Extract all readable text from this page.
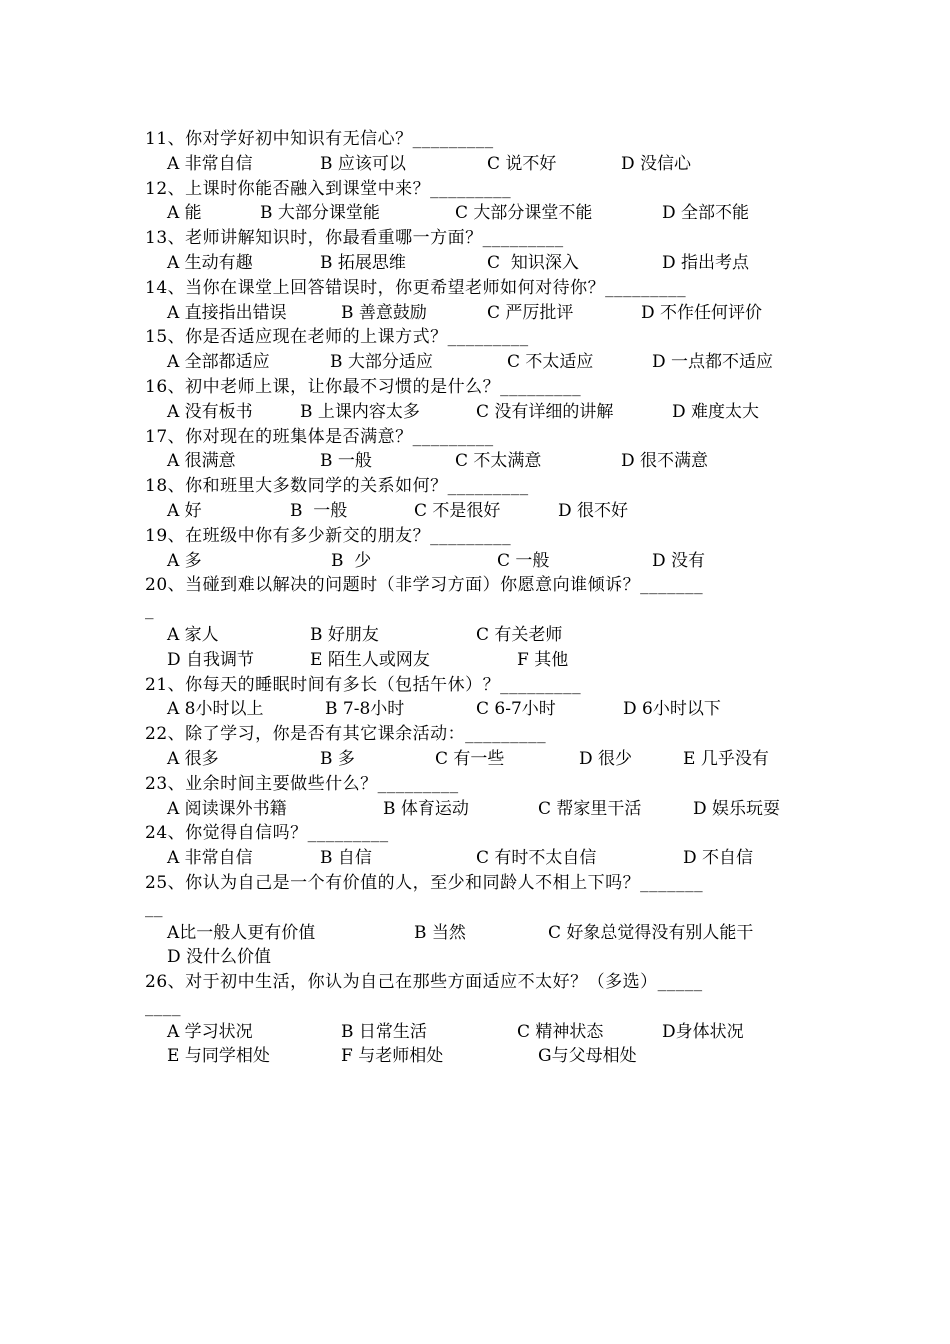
11、你对学好初中知识有无信心？_________
A 非常自信	B 应该可以	C 说不好	D 没信心
12、上课时你能否融入到课堂中来？_________
A 能	B 大部分课堂能	C 大部分课堂不能	D 全部不能
13、老师讲解知识时，你最看重哪一方面？_________
A 生动有趣	B 拓展思维	C  知识深入	D 指出考点
14、当你在课堂上回答错误时，你更希望老师如何对待你？_________
A 直接指出错误	B 善意鼓励	C 严厉批评	D 不作任何评价
15、你是否适应现在老师的上课方式？_________
A 全部都适应	B 大部分适应	C 不太适应	D 一点都不适应
16、初中老师上课，让你最不习惯的是什么？_________
A 没有板书	B 上课内容太多	C 没有详细的讲解	D 难度太大
17、你对现在的班集体是否满意？_________
A 很满意	B 一般	C 不太满意	D 很不满意
18、你和班里大多数同学的关系如何？_________
A 好	B  一般	C 不是很好	D 很不好
19、在班级中你有多少新交的朋友？_________
A 多	B  少	C 一般	D 没有
20、当碰到难以解决的问题时（非学习方面）你愿意向谁倾诉？_______
_
A 家人	B 好朋友	C 有关老师
D 自我调节	E 陌生人或网友	F 其他
21、你每天的睡眠时间有多长（包括午休）？_________
A 8小时以上	B 7-8小时	C 6-7小时	D 6小时以下
22、除了学习，你是否有其它课余活动：_________
A 很多	B 多	C 有一些	D 很少	E 几乎没有
23、业余时间主要做些什么？_________
A 阅读课外书籍	B 体育运动	C 帮家里干活	D 娱乐玩耍
24、你觉得自信吗？_________
A 非常自信	B 自信	C 有时不太自信	D 不自信
25、你认为自己是一个有价值的人，至少和同龄人不相上下吗？_______
__
A比一般人更有价值	B 当然	C 好象总觉得没有别人能干
D 没什么价值
26、对于初中生活，你认为自己在那些方面适应不太好？（多选）_____
____
A 学习状况	B 日常生活	C 精神状态	D身体状况
E 与同学相处	F 与老师相处	G与父母相处
